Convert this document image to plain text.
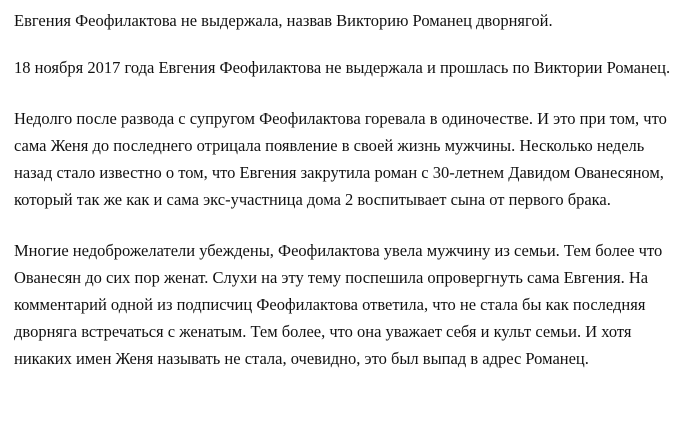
Евгения Феофилактова не выдержала, назвав Викторию Романец дворнягой.

18 ноября 2017 года Евгения Феофилактова не выдержала и прошлась по Виктории Романец.

Недолго после развода с супругом Феофилактова горевала в одиночестве. И это при том, что сама Женя до последнего отрицала появление в своей жизнь мужчины. Несколько недель назад стало известно о том, что Евгения закрутила роман с 30-летнем Давидом Ованесяном, который так же как и сама экс-участница дома 2 воспитывает сына от первого брака.

Многие недоброжелатели убеждены, Феофилактова увела мужчину из семьи. Тем более что Ованесян до сих пор женат. Слухи на эту тему поспешила опровергнуть сама Евгения. На комментарий одной из подписчиц Феофилактова ответила, что не стала бы как последняя дворняга встречаться с женатым. Тем более, что она уважает себя и культ семьи. И хотя никаких имен Женя называть не стала, очевидно, это был выпад в адрес Романец.
